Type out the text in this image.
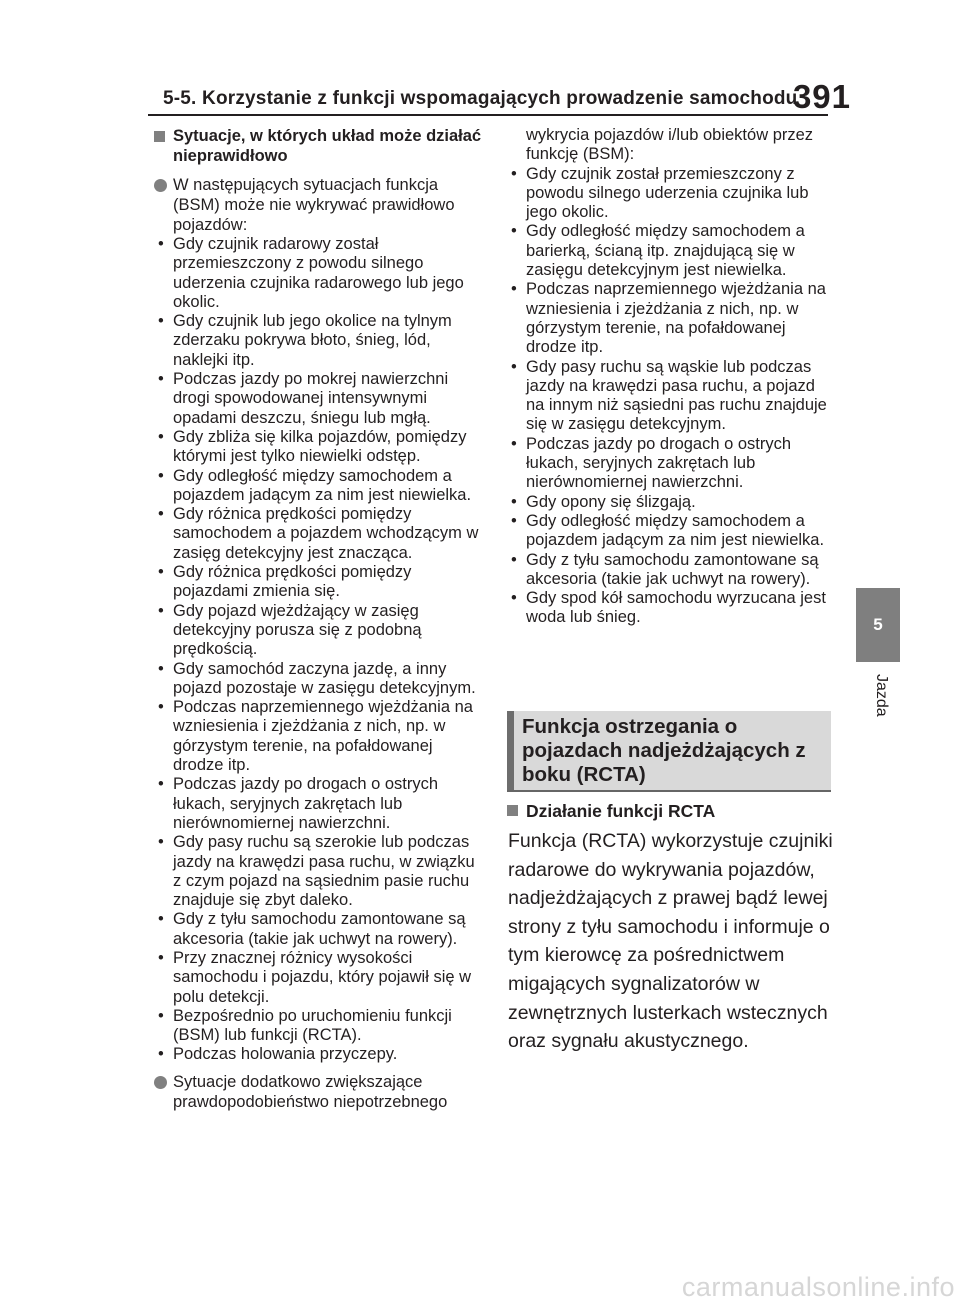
5-5. Korzystanie z funkcji wspomagających prowadzenie samochodu
391
5
Jazda
Sytuacje, w których układ może działać nieprawidłowo
W następujących sytuacjach funkcja (BSM) może nie wykrywać prawidłowo pojazdów:
• Gdy czujnik radarowy został przemieszczony z powodu silnego uderzenia czujnika radarowego lub jego okolic.
• Gdy czujnik lub jego okolice na tylnym zderzaku pokrywa błoto, śnieg, lód, naklejki itp.
• Podczas jazdy po mokrej nawierzchni drogi spowodowanej intensywnymi opadami deszczu, śniegu lub mgłą.
• Gdy zbliża się kilka pojazdów, pomiędzy którymi jest tylko niewielki odstęp.
• Gdy odległość między samochodem a pojazdem jadącym za nim jest niewielka.
• Gdy różnica prędkości pomiędzy samochodem a pojazdem wchodzącym w zasięg detekcyjny jest znacząca.
• Gdy różnica prędkości pomiędzy pojazdami zmienia się.
• Gdy pojazd wjeżdżający w zasięg detekcyjny porusza się z podobną prędkością.
• Gdy samochód zaczyna jazdę, a inny pojazd pozostaje w zasięgu detekcyjnym.
• Podczas naprzemiennego wjeżdżania na wzniesienia i zjeżdżania z nich, np. w górzystym terenie, na pofałdowanej drodze itp.
• Podczas jazdy po drogach o ostrych łukach, seryjnych zakrętach lub nierównomiernej nawierzchni.
• Gdy pasy ruchu są szerokie lub podczas jazdy na krawędzi pasa ruchu, w związku z czym pojazd na sąsiednim pasie ruchu znajduje się zbyt daleko.
• Gdy z tyłu samochodu zamontowane są akcesoria (takie jak uchwyt na rowery).
• Przy znacznej różnicy wysokości samochodu i pojazdu, który pojawił się w polu detekcji.
• Bezpośrednio po uruchomieniu funkcji (BSM) lub funkcji (RCTA).
• Podczas holowania przyczepy.
Sytuacje dodatkowo zwiększające prawdopodobieństwo niepotrzebnego
wykrycia pojazdów i/lub obiektów przez funkcję (BSM):
• Gdy czujnik został przemieszczony z powodu silnego uderzenia czujnika lub jego okolic.
• Gdy odległość między samochodem a barierką, ścianą itp. znajdującą się w zasięgu detekcyjnym jest niewielka.
• Podczas naprzemiennego wjeżdżania na wzniesienia i zjeżdżania z nich, np. w górzystym terenie, na pofałdowanej drodze itp.
• Gdy pasy ruchu są wąskie lub podczas jazdy na krawędzi pasa ruchu, a pojazd na innym niż sąsiedni pas ruchu znajduje się w zasięgu detekcyjnym.
• Podczas jazdy po drogach o ostrych łukach, seryjnych zakrętach lub nierównomiernej nawierzchni.
• Gdy opony się ślizgają.
• Gdy odległość między samochodem a pojazdem jadącym za nim jest niewielka.
• Gdy z tyłu samochodu zamontowane są akcesoria (takie jak uchwyt na rowery).
• Gdy spod kół samochodu wyrzucana jest woda lub śnieg.
Funkcja ostrzegania o pojazdach nadjeżdżających z boku (RCTA)
Działanie funkcji RCTA
Funkcja (RCTA) wykorzystuje czujniki radarowe do wykrywania pojazdów, nadjeżdżających z prawej bądź lewej strony z tyłu samochodu i informuje o tym kierowcę za pośrednictwem migających sygnalizatorów w zewnętrznych lusterkach wstecznych oraz sygnału akustycznego.
carmanualsonline.info
